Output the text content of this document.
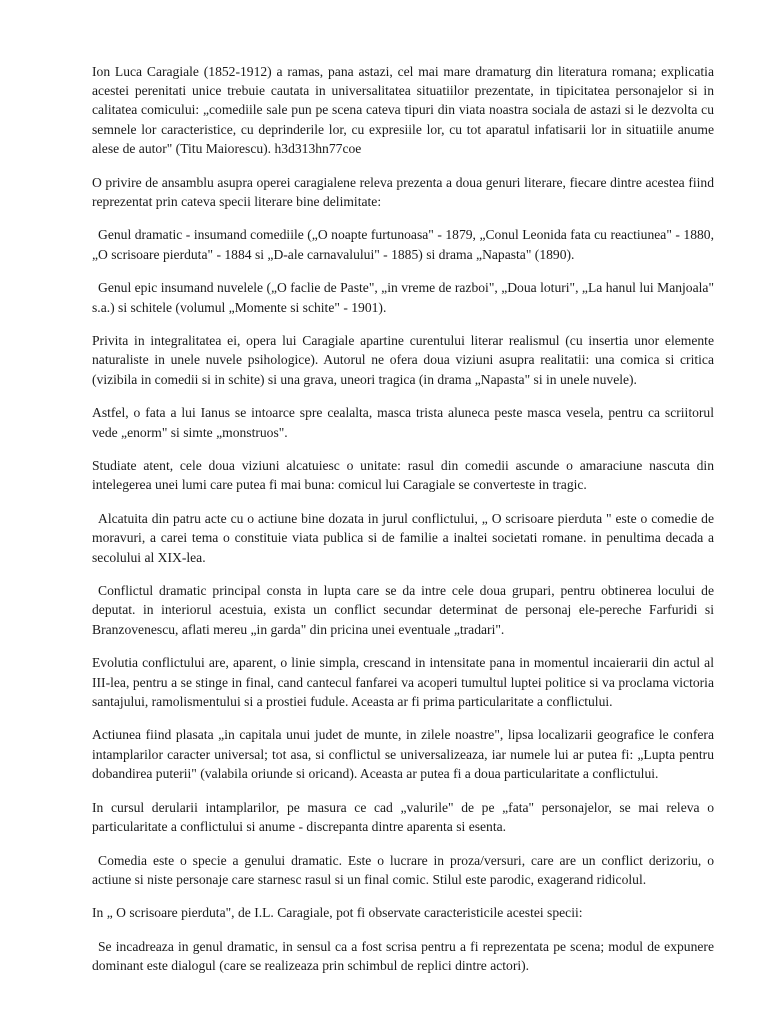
Ion Luca Caragiale (1852-1912) a ramas, pana astazi, cel mai mare dramaturg din literatura romana; explicatia acestei perenitati unice trebuie cautata in universalitatea situatiilor prezentate, in tipicitatea personajelor si in calitatea comicului: „comediile sale pun pe scena cateva tipuri din viata noastra sociala de astazi si le dezvolta cu semnele lor caracteristice, cu deprinderile lor, cu expresiile lor, cu tot aparatul infatisarii lor in situatiile anume alese de autor" (Titu Maiorescu). h3d313hn77coe

O privire de ansamblu asupra operei caragialene releva prezenta a doua genuri literare, fiecare dintre acestea fiind reprezentat prin cateva specii literare bine delimitate:

Genul dramatic - insumand comediile („O noapte furtunoasa" - 1879, „Conul Leonida fata cu reactiunea" - 1880, „O scrisoare pierduta" - 1884 si „D-ale carnavalului" - 1885) si drama „Napasta" (1890).

Genul epic insumand nuvelele („O faclie de Paste", „in vreme de razboi", „Doua loturi", „La hanul lui Manjoala" s.a.) si schitele (volumul „Momente si schite" - 1901).

Privita in integralitatea ei, opera lui Caragiale apartine curentului literar realismul (cu insertia unor elemente naturaliste in unele nuvele psihologice). Autorul ne ofera doua viziuni asupra realitatii: una comica si critica (vizibila in comedii si in schite) si una grava, uneori tragica (in drama „Napasta" si in unele nuvele).

Astfel, o fata a lui Ianus se intoarce spre cealalta, masca trista aluneca peste masca vesela, pentru ca scriitorul vede „enorm" si simte „monstruos".

Studiate atent, cele doua viziuni alcatuiesc o unitate: rasul din comedii ascunde o amaraciune nascuta din intelegerea unei lumi care putea fi mai buna: comicul lui Caragiale se converteste in tragic.

Alcatuita din patru acte cu o actiune bine dozata in jurul conflictului, „ O scrisoare pierduta " este o comedie de moravuri, a carei tema o constituie viata publica si de familie a inaltei societati romane. in penultima decada a secolului al XIX-lea.

Conflictul dramatic principal consta in lupta care se da intre cele doua grupari, pentru obtinerea locului de deputat. in interiorul acestuia, exista un conflict secundar determinat de personaj ele-pereche Farfuridi si Branzovenescu, aflati mereu „in garda" din pricina unei eventuale „tradari".

Evolutia conflictului are, aparent, o linie simpla, crescand in intensitate pana in momentul incaierarii din actul al III-lea, pentru a se stinge in final, cand cantecul fanfarei va acoperi tumultul luptei politice si va proclama victoria santajului, ramolismentului si a prostiei fudule. Aceasta ar fi prima particularitate a conflictului.

Actiunea fiind plasata „in capitala unui judet de munte, in zilele noastre", lipsa localizarii geografice le confera intamplarilor caracter universal; tot asa, si conflictul se universalizeaza, iar numele lui ar putea fi: „Lupta pentru dobandirea puterii" (valabila oriunde si oricand). Aceasta ar putea fi a doua particularitate a conflictului.

In cursul derularii intamplarilor, pe masura ce cad „valurile" de pe „fata" personajelor, se mai releva o particularitate a conflictului si anume - discrepanta dintre aparenta si esenta.

Comedia este o specie a genului dramatic. Este o lucrare in proza/versuri, care are un conflict derizoriu, o actiune si niste personaje care starnesc rasul si un final comic. Stilul este parodic, exagerand ridicolul.

In „ O scrisoare pierduta", de I.L. Caragiale, pot fi observate caracteristicile acestei specii:

Se incadreaza in genul dramatic, in sensul ca a fost scrisa pentru a fi reprezentata pe scena; modul de expunere dominant este dialogul (care se realizeaza prin schimbul de replici dintre actori).
